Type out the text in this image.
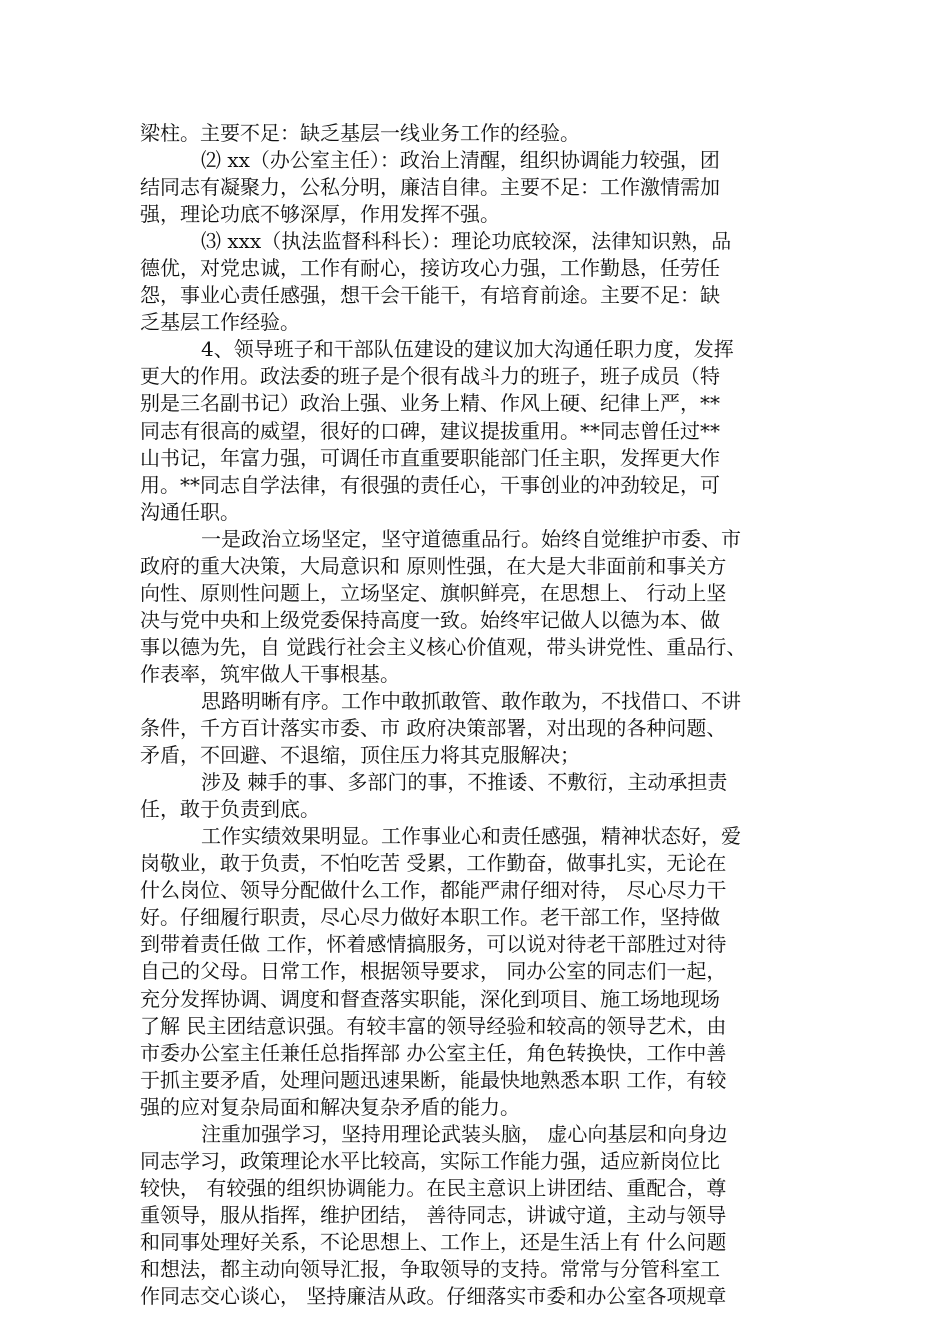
梁柱。主要不足：缺乏基层一线业务工作的经验。
⑵ xx（办公室主任）：政治上清醒，组织协调能力较强，团
结同志有凝聚力，公私分明，廉洁自律。主要不足：工作激情需加
强，理论功底不够深厚，作用发挥不强。
⑶ xxx（执法监督科科长）：理论功底较深，法律知识熟，品
德优，对党忠诚，工作有耐心，接访攻心力强，工作勤恳，任劳任
怨，事业心责任感强，想干会干能干，有培育前途。主要不足：缺
乏基层工作经验。
4、领导班子和干部队伍建设的建议加大沟通任职力度，发挥
更大的作用。政法委的班子是个很有战斗力的班子，班子成员（特
别是三名副书记）政治上强、业务上精、作风上硬、纪律上严，**
同志有很高的威望，很好的口碑，建议提拔重用。**同志曾任过**
山书记，年富力强，可调任市直重要职能部门任主职，发挥更大作
用。**同志自学法律，有很强的责任心，干事创业的冲劲较足，可
沟通任职。
一是政治立场坚定，坚守道德重品行。始终自觉维护市委、市
政府的重大决策，大局意识和 原则性强，在大是大非面前和事关方
向性、原则性问题上，立场坚定、旗帜鲜亮，在思想上、 行动上坚
决与党中央和上级党委保持高度一致。始终牢记做人以德为本、做
事以德为先，自 觉践行社会主义核心价值观，带头讲党性、重品行、
作表率，筑牢做人干事根基。
思路明晰有序。工作中敢抓敢管、敢作敢为，不找借口、不讲
条件，千方百计落实市委、市 政府决策部署，对出现的各种问题、
矛盾，不回避、不退缩，顶住压力将其克服解决；
涉及 棘手的事、多部门的事，不推诿、不敷衍，主动承担责
任，敢于负责到底。
工作实绩效果明显。工作事业心和责任感强，精神状态好，爱
岗敬业，敢于负责，不怕吃苦 受累，工作勤奋，做事扎实，无论在
什么岗位、领导分配做什么工作，都能严肃仔细对待， 尽心尽力干
好。仔细履行职责，尽心尽力做好本职工作。老干部工作，坚持做
到带着责任做 工作，怀着感情搞服务，可以说对待老干部胜过对待
自己的父母。日常工作，根据领导要求， 同办公室的同志们一起，
充分发挥协调、调度和督查落实职能，深化到项目、施工场地现场
了解 民主团结意识强。有较丰富的领导经验和较高的领导艺术，由
市委办公室主任兼任总指挥部 办公室主任，角色转换快，工作中善
于抓主要矛盾，处理问题迅速果断，能最快地熟悉本职 工作，有较
强的应对复杂局面和解决复杂矛盾的能力。
注重加强学习，坚持用理论武装头脑， 虚心向基层和向身边
同志学习，政策理论水平比较高，实际工作能力强，适应新岗位比
较快， 有较强的组织协调能力。在民主意识上讲团结、重配合，尊
重领导，服从指挥，维护团结， 善待同志，讲诚守道，主动与领导
和同事处理好关系，不论思想上、工作上，还是生活上有 什么问题
和想法，都主动向领导汇报，争取领导的支持。常常与分管科室工
作同志交心谈心， 坚持廉洁从政。仔细落实市委和办公室各项规章
